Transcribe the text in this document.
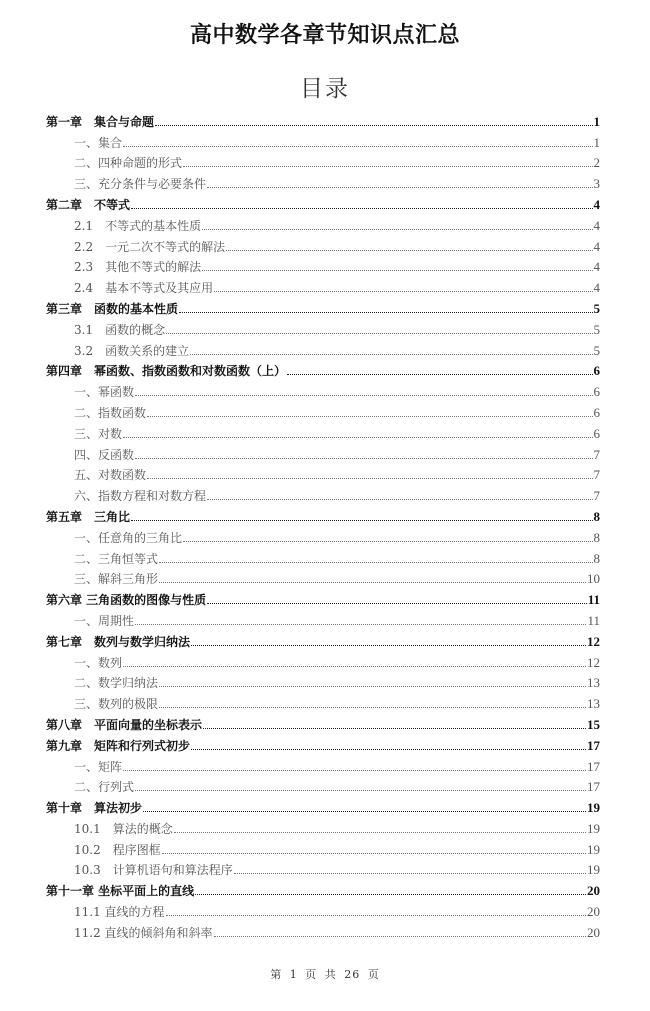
高中数学各章节知识点汇总
目录
第一章　集合与命题	1
一、集合	1
二、四种命题的形式	2
三、充分条件与必要条件	3
第二章　不等式	4
2.1　不等式的基本性质	4
2.2　一元二次不等式的解法	4
2.3　其他不等式的解法	4
2.4　基本不等式及其应用	4
第三章　函数的基本性质	5
3.1　函数的概念	5
3.2　函数关系的建立	5
第四章　幂函数、指数函数和对数函数（上）	6
一、幂函数	6
二、指数函数	6
三、对数	6
四、反函数	7
五、对数函数	7
六、指数方程和对数方程	7
第五章　三角比	8
一、任意角的三角比	8
二、三角恒等式	8
三、解斜三角形	10
第六章 三角函数的图像与性质	11
一、周期性	11
第七章　数列与数学归纳法	12
一、数列	12
二、数学归纳法	13
三、数列的极限	13
第八章　平面向量的坐标表示	15
第九章　矩阵和行列式初步	17
一、矩阵	17
二、行列式	17
第十章　算法初步	19
10.1　算法的概念	19
10.2　程序图框	19
10.3　计算机语句和算法程序	19
第十一章 坐标平面上的直线	20
11.1 直线的方程	20
11.2 直线的倾斜角和斜率	20
第 1 页 共 26 页
